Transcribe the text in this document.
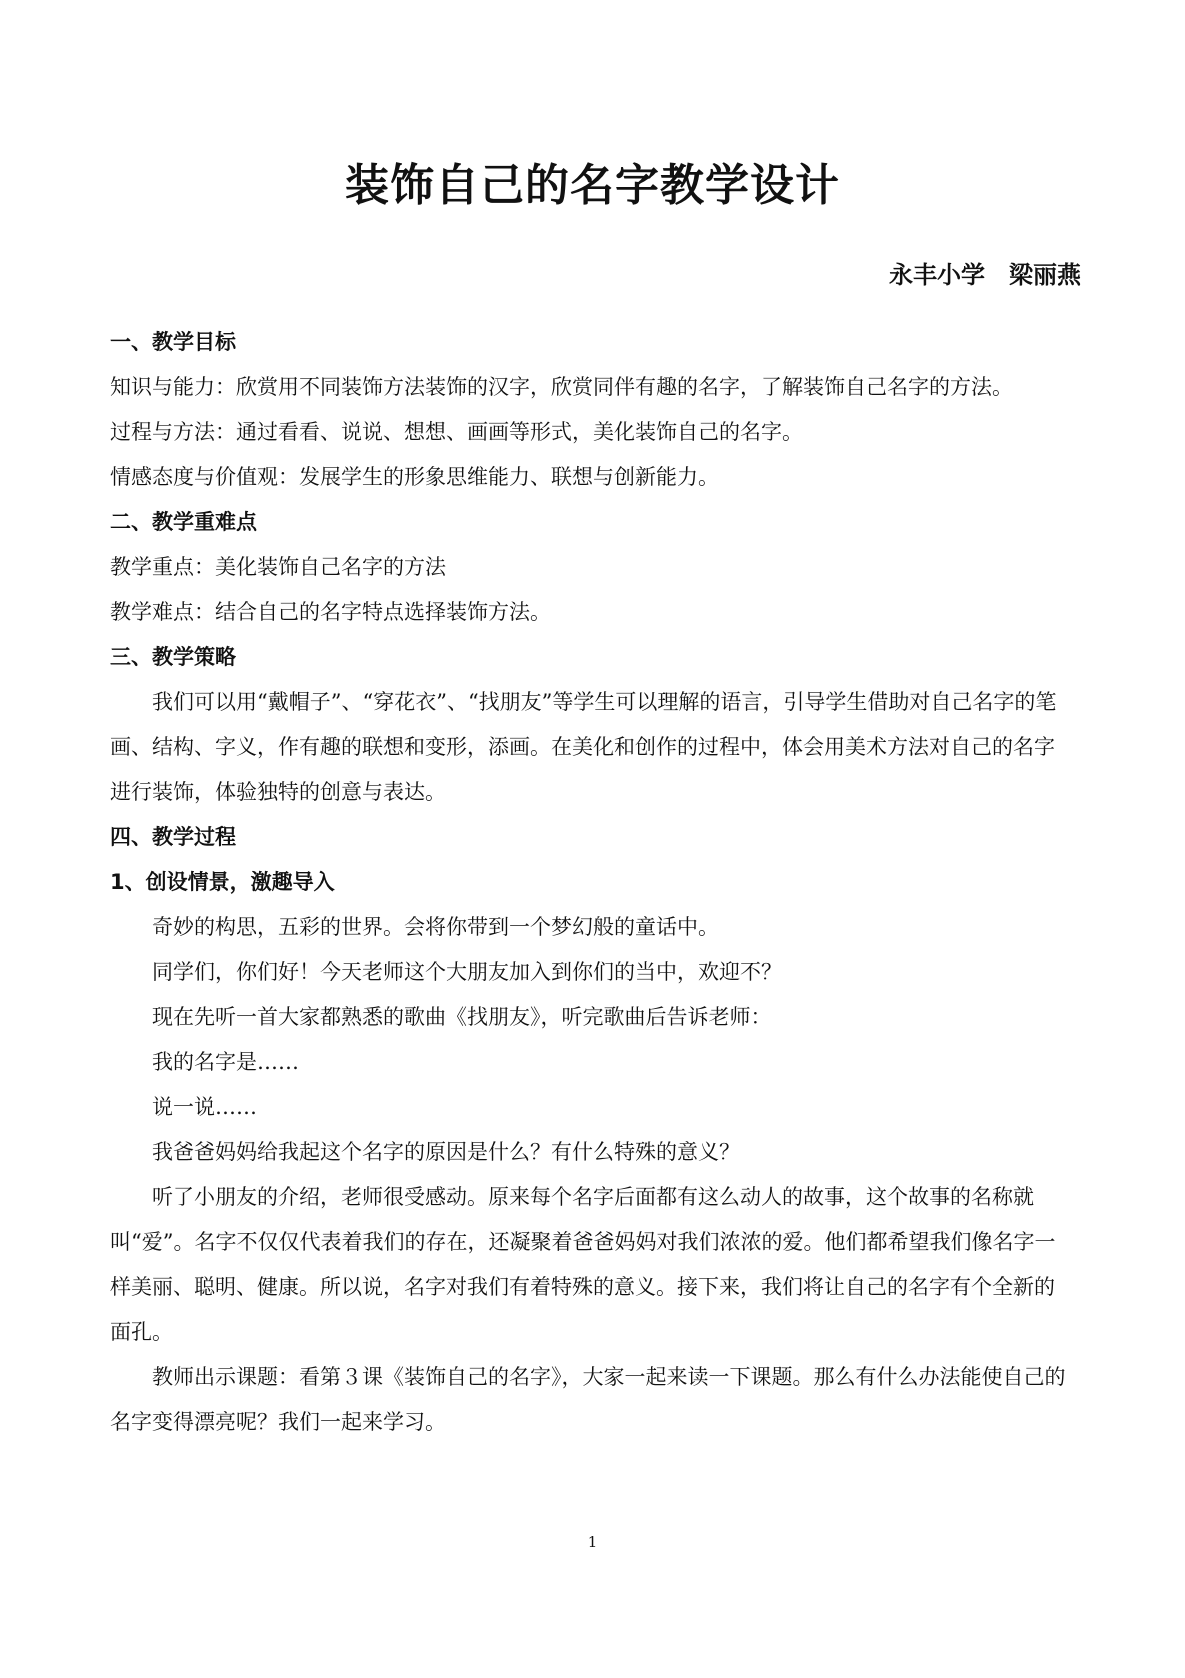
装饰自己的名字教学设计
永丰小学　梁丽燕
一、教学目标
知识与能力：欣赏用不同装饰方法装饰的汉字，欣赏同伴有趣的名字，了解装饰自己名字的方法。
过程与方法：通过看看、说说、想想、画画等形式，美化装饰自己的名字。
情感态度与价值观：发展学生的形象思维能力、联想与创新能力。
二、教学重难点
教学重点：美化装饰自己名字的方法
教学难点：结合自己的名字特点选择装饰方法。
三、教学策略
我们可以用“戴帽子”、“穿花衣”、“找朋友”等学生可以理解的语言，引导学生借助对自己名字的笔画、结构、字义，作有趣的联想和变形，添画。在美化和创作的过程中，体会用美术方法对自己的名字进行装饰，体验独特的创意与表达。
四、教学过程
1、创设情景，激趣导入
奇妙的构思，五彩的世界。会将你带到一个梦幻般的童话中。
同学们，你们好！今天老师这个大朋友加入到你们的当中，欢迎不？
现在先听一首大家都熟悉的歌曲《找朋友》，听完歌曲后告诉老师：
我的名字是……
说一说……
我爸爸妈妈给我起这个名字的原因是什么？有什么特殊的意义？
听了小朋友的介绍，老师很受感动。原来每个名字后面都有这么动人的故事，这个故事的名称就叫“爱”。名字不仅仅代表着我们的存在，还凝聚着爸爸妈妈对我们浓浓的爱。他们都希望我们像名字一样美丽、聪明、健康。所以说，名字对我们有着特殊的意义。接下来，我们将让自己的名字有个全新的面孔。
教师出示课题：看第３课《装饰自己的名字》，大家一起来读一下课题。那么有什么办法能使自己的名字变得漂亮呢？我们一起来学习。
1
